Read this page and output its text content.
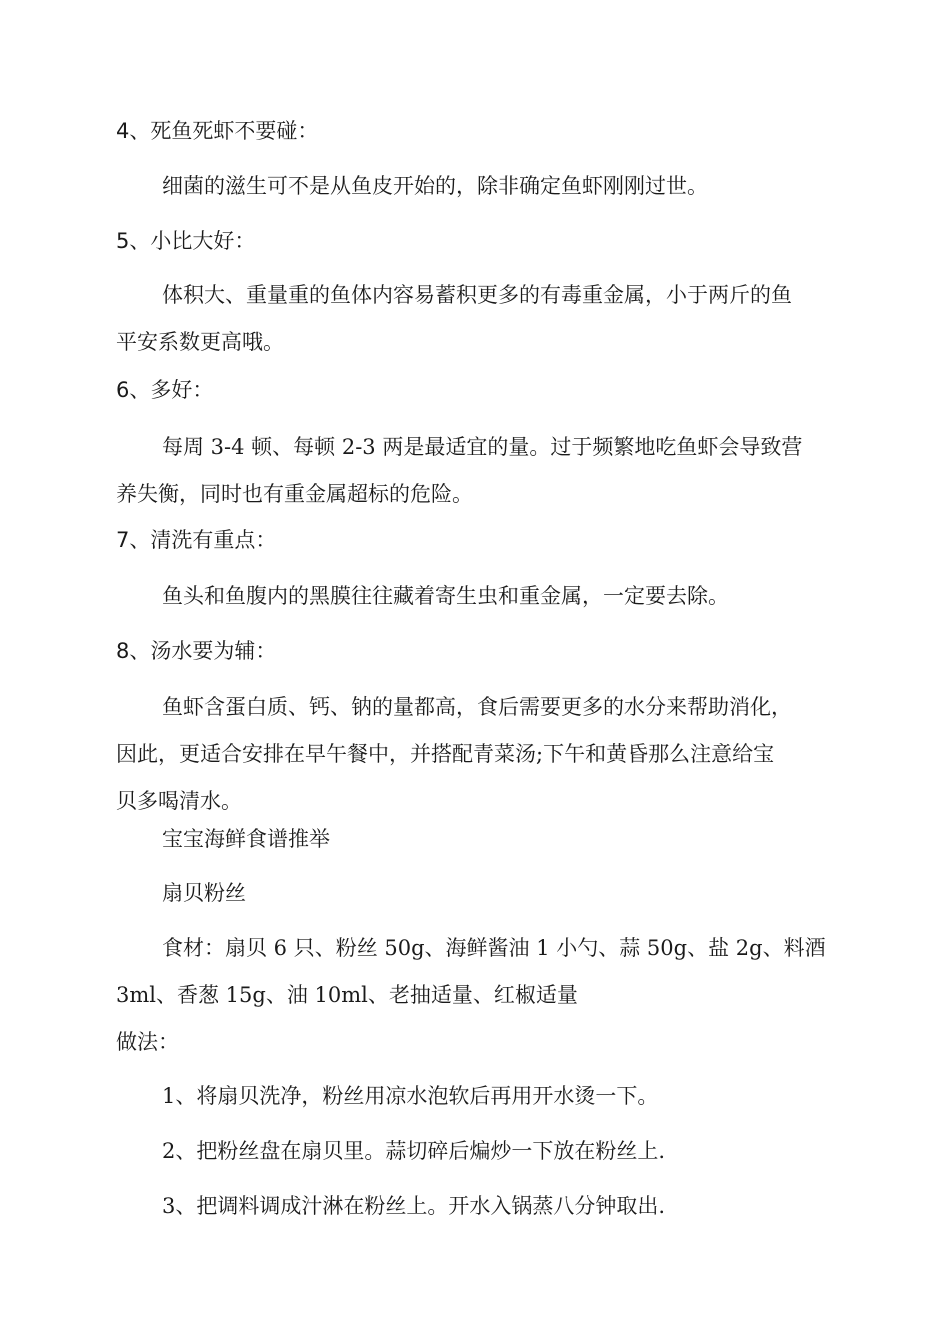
4、死鱼死虾不要碰：
细菌的滋生可不是从鱼皮开始的，除非确定鱼虾刚刚过世。
5、小比大好：
体积大、重量重的鱼体内容易蓄积更多的有毒重金属，小于两斤的鱼
平安系数更高哦。
6、多好：
每周 3-4 顿、每顿 2-3 两是最适宜的量。过于频繁地吃鱼虾会导致营
养失衡，同时也有重金属超标的危险。
7、清洗有重点：
鱼头和鱼腹内的黑膜往往藏着寄生虫和重金属，一定要去除。
8、汤水要为辅：
鱼虾含蛋白质、钙、钠的量都高，食后需要更多的水分来帮助消化，
因此，更适合安排在早午餐中，并搭配青菜汤;下午和黄昏那么注意给宝
贝多喝清水。
宝宝海鲜食谱推举
扇贝粉丝
食材：扇贝 6 只、粉丝 50g、海鲜酱油 1 小勺、蒜 50g、盐 2g、料酒
3ml、香葱 15g、油 10ml、老抽适量、红椒适量
做法：
1、将扇贝洗净，粉丝用凉水泡软后再用开水烫一下。
2、把粉丝盘在扇贝里。蒜切碎后煸炒一下放在粉丝上.
3、把调料调成汁淋在粉丝上。开水入锅蒸八分钟取出.
